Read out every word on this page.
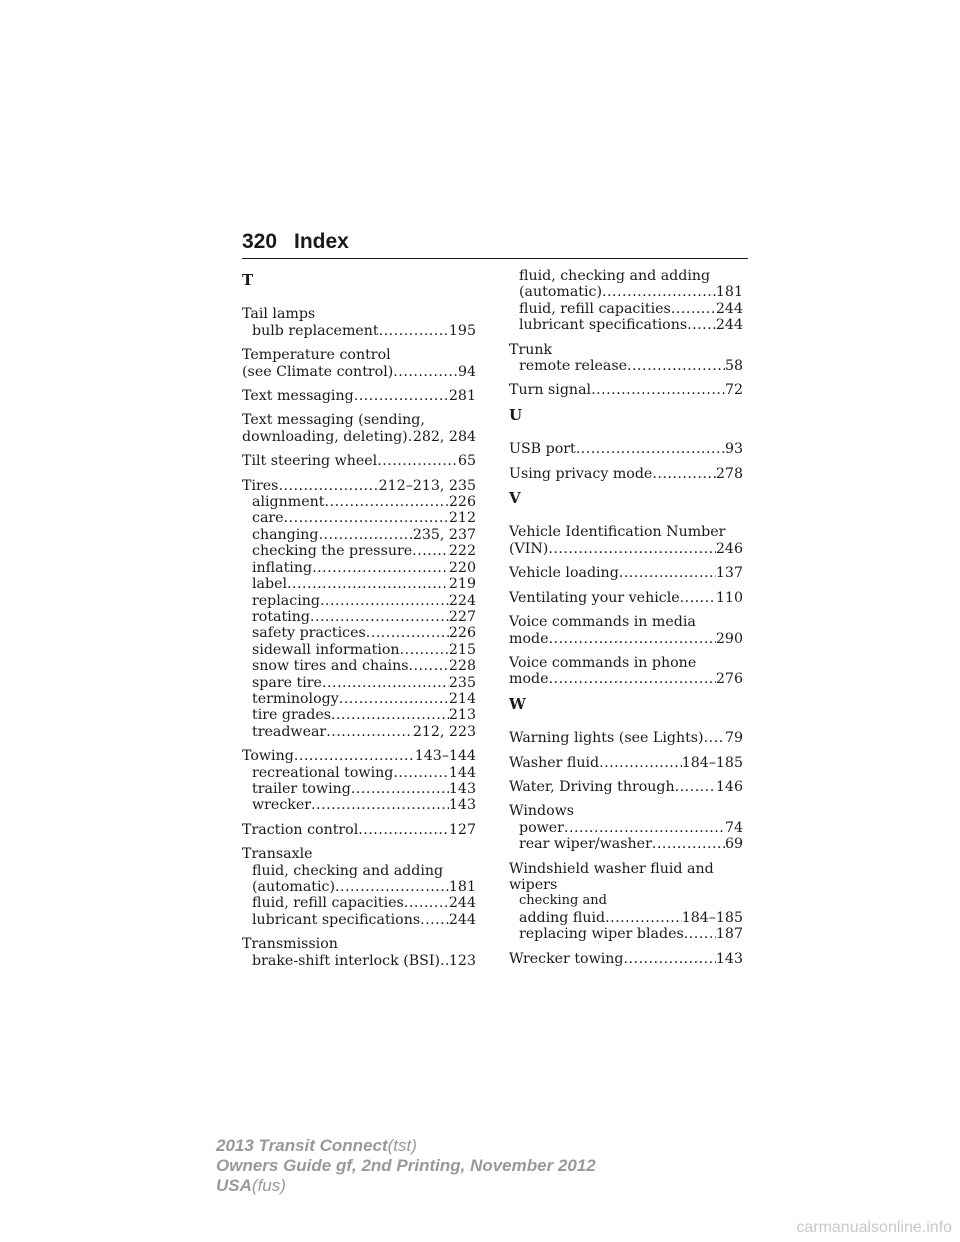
320 Index
T
Tail lamps
bulb replacement .....	195
Temperature control
(see Climate control) .....	94
Text messaging .....	281
Text messaging (sending,
downloading, deleting) ..... 282, 284
Tilt steering wheel .....	65
Tires .....	212–213, 235
alignment .....	226
care .....	212
changing .....	235, 237
checking the pressure .....	222
inflating .....	220
label .....	219
replacing .....	224
rotating .....	227
safety practices .....	226
sidewall information .....	215
snow tires and chains .....	228
spare tire .....	235
terminology .....	214
tire grades .....	213
treadwear .....	212, 223
Towing .....	143–144
recreational towing .....	144
trailer towing .....	143
wrecker .....	143
Traction control .....	127
Transaxle
fluid, checking and adding
(automatic) .....	181
fluid, refill capacities .....	244
lubricant specifications ..... 244
Transmission
brake-shift interlock (BSI) ..... 123
fluid, checking and adding
(automatic) .....	181
fluid, refill capacities .....	244
lubricant specifications ..... 244
Trunk
remote release .....	58
Turn signal .....	72
U
USB port .....	93
Using privacy mode .....	278
V
Vehicle Identification Number
(VIN) .....	246
Vehicle loading .....	137
Ventilating your vehicle .....	110
Voice commands in media
mode .....	290
Voice commands in phone
mode .....	276
W
Warning lights (see Lights) ..... 79
Washer fluid .....	184–185
Water, Driving through .....	146
Windows
power .....	74
rear wiper/washer .....	69
Windshield washer fluid and
wipers
checking and
adding fluid .....	184–185
replacing wiper blades ..... 187
Wrecker towing .....	143
2013 Transit Connect(tst)
Owners Guide gf, 2nd Printing, November 2012
USA(fus)
carmanualsonline.info
